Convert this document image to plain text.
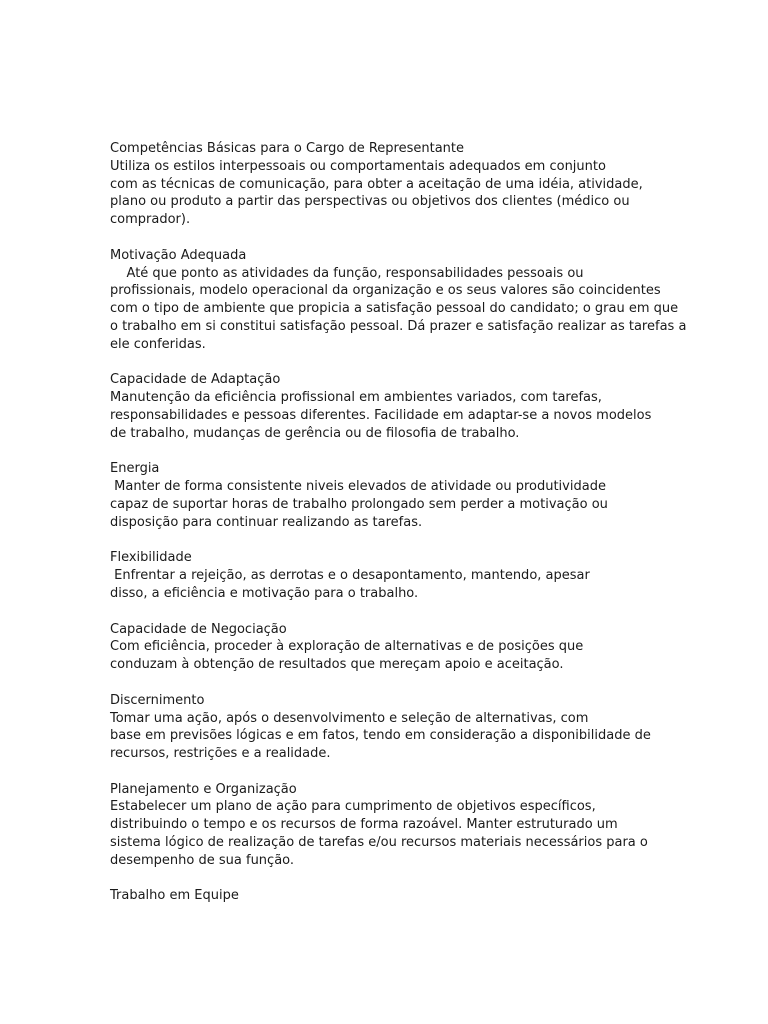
Competências Básicas para o Cargo de Representante
Utiliza os estilos interpessoais ou comportamentais adequados em conjunto
com as técnicas de comunicação, para obter a aceitação de uma idéia, atividade,
plano ou produto a partir das perspectivas ou objetivos dos clientes (médico ou
comprador).
Motivação Adequada
Até que ponto as atividades da função, responsabilidades pessoais ou
profissionais, modelo operacional da organização e os seus valores são coincidentes
com o tipo de ambiente que propicia a satisfação pessoal do candidato; o grau em que
o trabalho em si constitui satisfação pessoal. Dá prazer e satisfação realizar as tarefas a
ele conferidas.
Capacidade de Adaptação
Manutenção da eficiência profissional em ambientes variados, com tarefas,
responsabilidades e pessoas diferentes. Facilidade em adaptar-se a novos modelos
de trabalho, mudanças de gerência ou de filosofia de trabalho.
Energia
Manter de forma consistente niveis elevados de atividade ou produtividade
capaz de suportar horas de trabalho prolongado sem perder a motivação ou
disposição para continuar realizando as tarefas.
Flexibilidade
Enfrentar a rejeição, as derrotas e o desapontamento, mantendo, apesar
disso, a eficiência e motivação para o trabalho.
Capacidade de Negociação
Com eficiência, proceder à exploração de alternativas e de posições que
conduzam à obtenção de resultados que mereçam apoio e aceitação.
Discernimento
Tomar uma ação, após o desenvolvimento e seleção de alternativas, com
base em previsões lógicas e em fatos, tendo em consideração a disponibilidade de
recursos, restrições e a realidade.
Planejamento e Organização
Estabelecer um plano de ação para cumprimento de objetivos específicos,
distribuindo o tempo e os recursos de forma razoável. Manter estruturado um
sistema lógico de realização de tarefas e/ou recursos materiais necessários para o
desempenho de sua função.
Trabalho em Equipe
